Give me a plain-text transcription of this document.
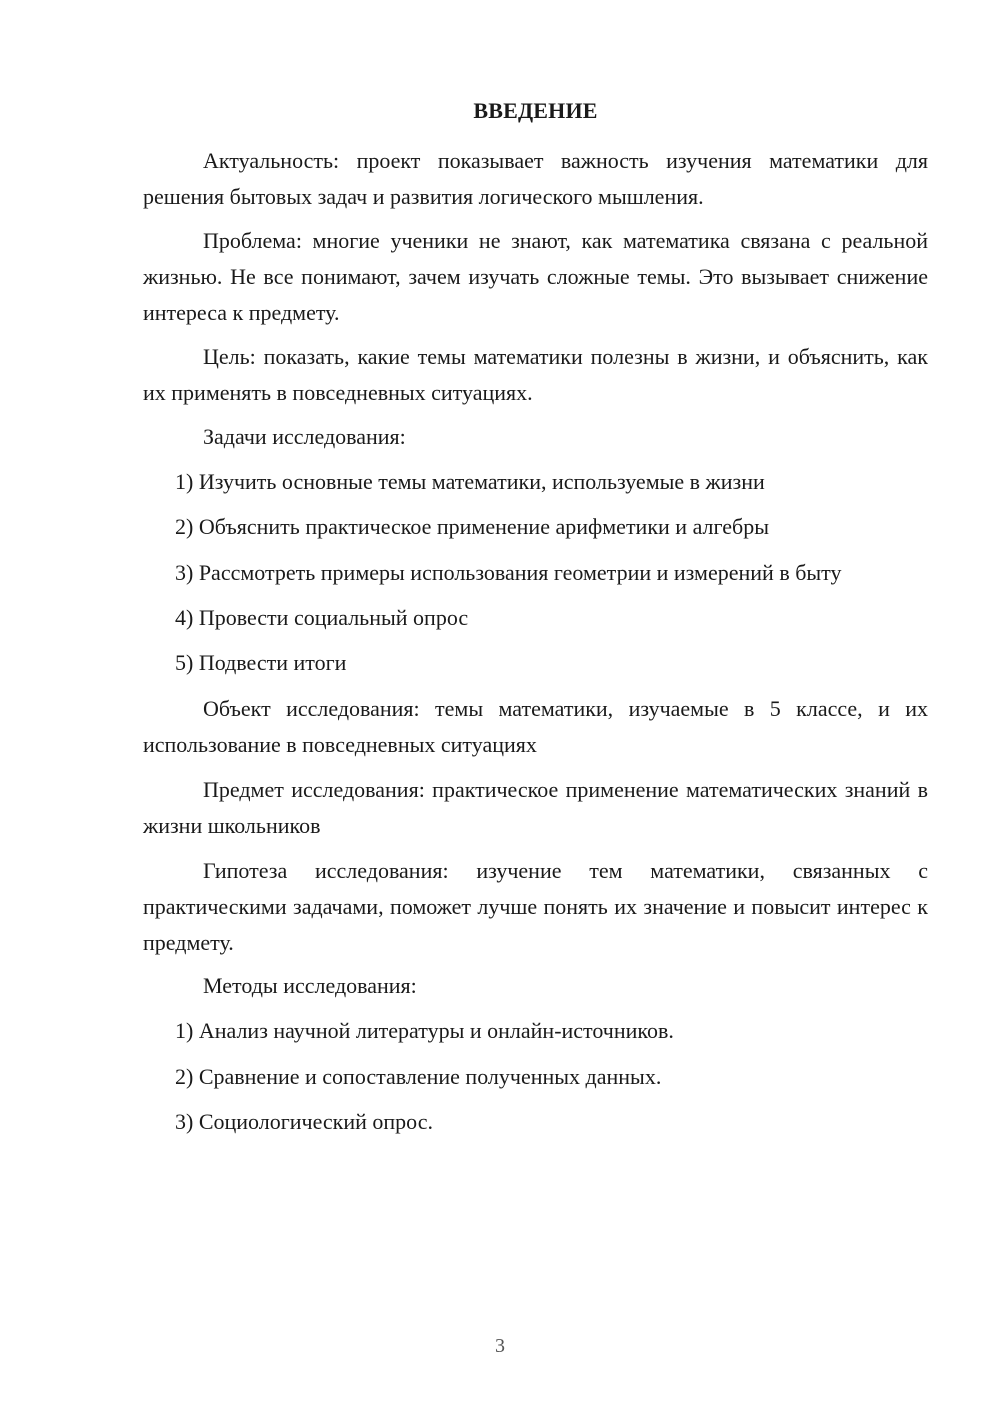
ВВЕДЕНИЕ

Актуальность: проект показывает важность изучения математики для решения бытовых задач и развития логического мышления.

Проблема: многие ученики не знают, как математика связана с реальной жизнью. Не все понимают, зачем изучать сложные темы. Это вызывает снижение интереса к предмету.

Цель: показать, какие темы математики полезны в жизни, и объяснить, как их применять в повседневных ситуациях.

Задачи исследования:

1) Изучить основные темы математики, используемые в жизни

2) Объяснить практическое применение арифметики и алгебры

3) Рассмотреть примеры использования геометрии и измерений в быту

4) Провести социальный опрос

5) Подвести итоги

Объект исследования: темы математики, изучаемые в 5 классе, и их использование в повседневных ситуациях

Предмет исследования: практическое применение математических знаний в жизни школьников

Гипотеза исследования: изучение тем математики, связанных с практическими задачами, поможет лучше понять их значение и повысит интерес к предмету.

Методы исследования:

1) Анализ научной литературы и онлайн-источников.

2) Сравнение и сопоставление полученных данных.

3) Социологический опрос.

3
